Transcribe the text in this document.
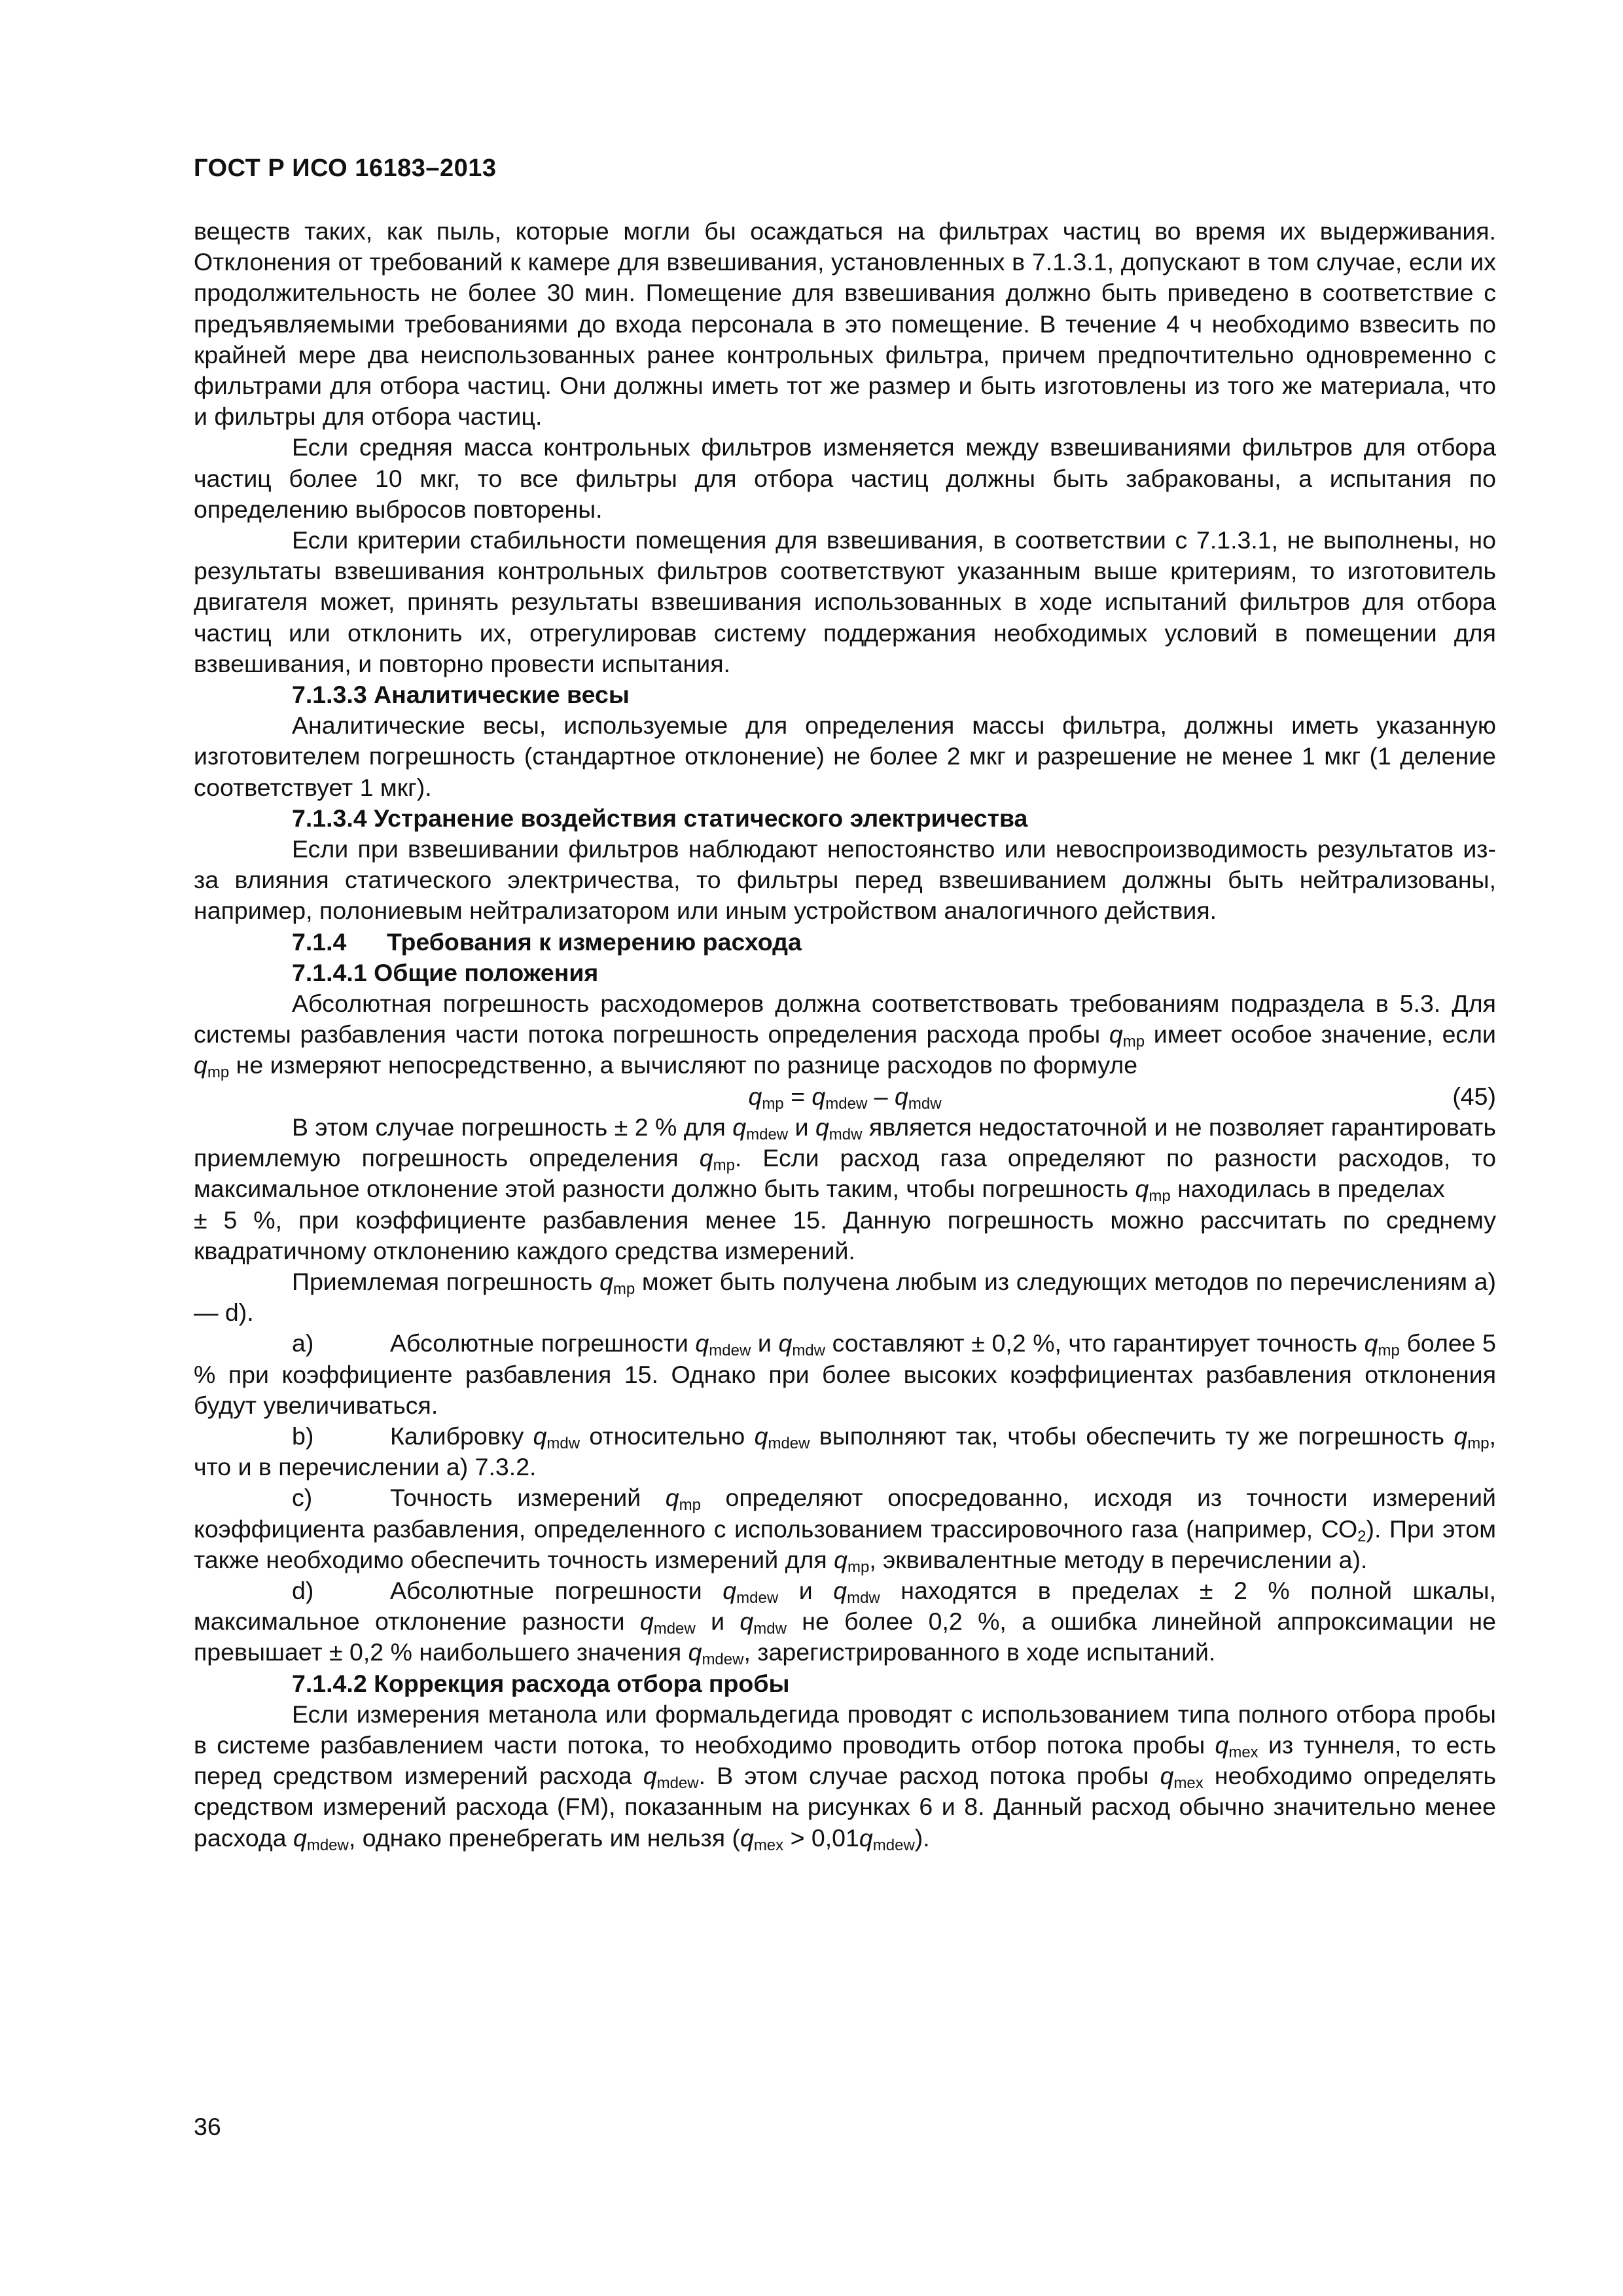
ГОСТ Р ИСО 16183–2013

веществ таких, как пыль, которые могли бы осаждаться на фильтрах частиц во время их выдерживания. Отклонения от требований к камере для взвешивания, установленных в 7.1.3.1, допускают в том случае, если их продолжительность не более 30 мин. Помещение для взвешивания должно быть приведено в соответствие с предъявляемыми требованиями до входа персонала в это помещение. В течение 4 ч необходимо взвесить по крайней мере два неиспользованных ранее контрольных фильтра, причем предпочтительно одновременно с фильтрами для отбора частиц. Они должны иметь тот же размер и быть изготовлены из того же материала, что и фильтры для отбора частиц.

Если средняя масса контрольных фильтров изменяется между взвешиваниями фильтров для отбора частиц более 10 мкг, то все фильтры для отбора частиц должны быть забракованы, а испытания по определению выбросов повторены.

Если критерии стабильности помещения для взвешивания, в соответствии с 7.1.3.1, не выполнены, но результаты взвешивания контрольных фильтров соответствуют указанным выше критериям, то изготовитель двигателя может, принять результаты взвешивания использованных в ходе испытаний фильтров для отбора частиц или отклонить их, отрегулировав систему поддержания необходимых условий в помещении для взвешивания, и повторно провести испытания.

7.1.3.3 Аналитические весы

Аналитические весы, используемые для определения массы фильтра, должны иметь указанную изготовителем погрешность (стандартное отклонение) не более 2 мкг и разрешение не менее 1 мкг (1 деление соответствует 1 мкг).

7.1.3.4 Устранение воздействия статического электричества

Если при взвешивании фильтров наблюдают непостоянство или невоспроизводимость результатов из-за влияния статического электричества, то фильтры перед взвешиванием должны быть нейтрализованы, например, полониевым нейтрализатором или иным устройством аналогичного действия.

7.1.4 Требования к измерению расхода

7.1.4.1 Общие положения

Абсолютная погрешность расходомеров должна соответствовать требованиям подраздела в 5.3. Для системы разбавления части потока погрешность определения расхода пробы $q_{mp}$ имеет особое значение, если $q_{mp}$ не измеряют непосредственно, а вычисляют по разнице расходов по формуле

$q_{mp} = q_{mdew} - q_{mdw}$	(45)

В этом случае погрешность ± 2 % для $q_{mdew}$ и $q_{mdw}$ является недостаточной и не позволяет гарантировать приемлемую погрешность определения $q_{mp}$. Если расход газа определяют по разности расходов, то максимальное отклонение этой разности должно быть таким, чтобы погрешность $q_{mp}$ находилась в пределах

± 5 %, при коэффициенте разбавления менее 15. Данную погрешность можно рассчитать по среднему квадратичному отклонению каждого средства измерений.

Приемлемая погрешность $q_{mp}$ может быть получена любым из следующих методов по перечислениям а) — d).

а)
	Абсолютные погрешности $q_{mdew}$ и $q_{mdw}$ составляют ± 0,2 %, что гарантирует точность $q_{mp}$ более 5 % при коэффициенте разбавления 15. Однако при более высоких коэффициентах разбавления отклонения будут увеличиваться.

b)
	Калибровку $q_{mdw}$ относительно $q_{mdew}$ выполняют так, чтобы обеспечить ту же погрешность $q_{mp}$, что и в перечислении а) 7.3.2.

c)
	Точность измерений $q_{mp}$ определяют опосредованно, исходя из точности измерений коэффициента разбавления, определенного с использованием трассировочного газа (например, $СО_2$). При этом также необходимо обеспечить точность измерений для $q_{mp}$, эквивалентные методу в перечислении а).

d)
	Абсолютные погрешности $q_{mdew}$ и $q_{mdw}$ находятся в пределах ± 2 % полной шкалы, максимальное отклонение разности $q_{mdew}$ и $q_{mdw}$ не более 0,2 %, а ошибка линейной аппроксимации не превышает ± 0,2 % наибольшего значения $q_{mdew}$, зарегистрированного в ходе испытаний.

7.1.4.2 Коррекция расхода отбора пробы

Если измерения метанола или формальдегида проводят с использованием типа полного отбора пробы в системе разбавлением части потока, то необходимо проводить отбор потока пробы $q_{mex}$ из туннеля, то есть перед средством измерений расхода $q_{mdew}$. В этом случае расход потока пробы $q_{mex}$ необходимо определять средством измерений расхода (FM), показанным на рисунках 6 и 8. Данный расход обычно значительно менее расхода $q_{mdew}$, однако пренебрегать им нельзя $(q_{mex} > 0,01q_{mdew})$.

36
